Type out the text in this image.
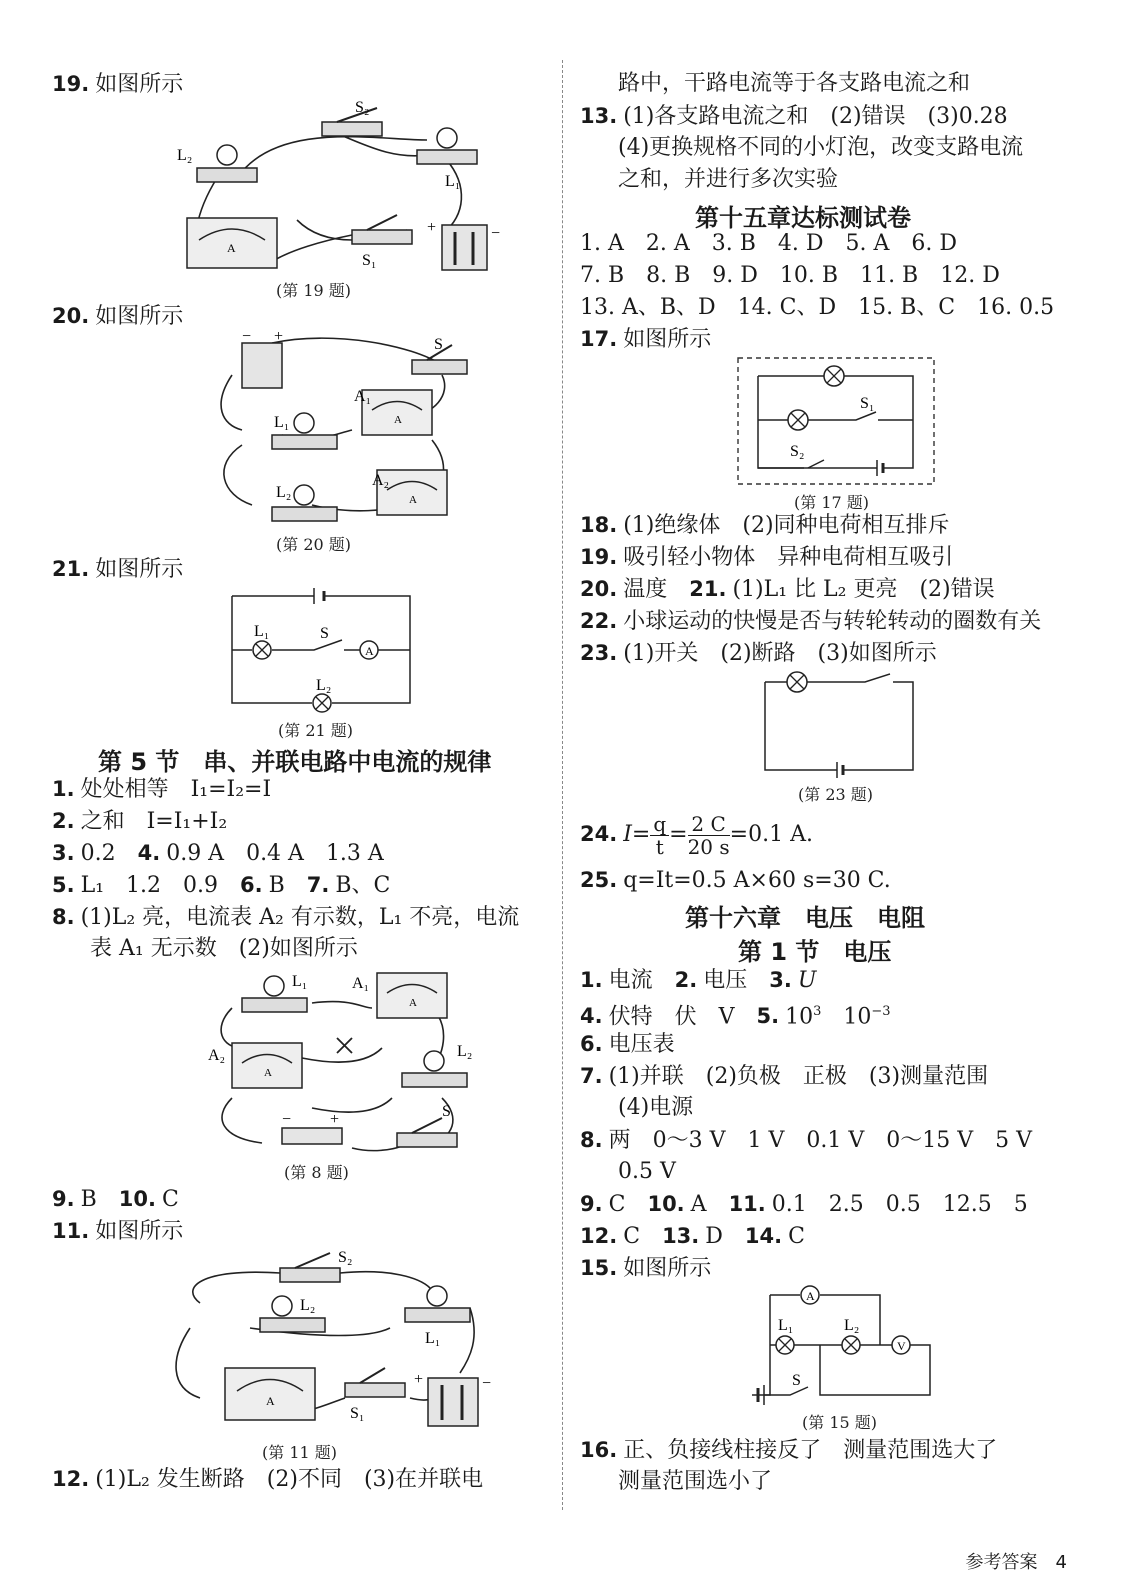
19. 如图所示
S₂
L₂
L₁
A
S₁
+	−
(第 19 题)
20. 如图所示
− +	S
A
A₁
L₁
A
A₂
L₂
(第 20 题)
21. 如图所示
L₁	S
A
L₂
(第 21 题)
第 5 节　串、并联电路中电流的规律
1. 处处相等　I₁=I₂=I
2. 之和　I=I₁+I₂
3. 0.2　 4. 0.9 A　0.4 A　1.3 A
5. L₁　1.2　0.9　 6. B　 7. B、C
8. (1)L₂ 亮，电流表 A₂ 有示数，L₁ 不亮，电流
表 A₁ 无示数　(2)如图所示
L₁
A
A₁
A
A₂	L₂
− +	S
(第 8 题)
9. B　 10. C
11. 如图所示
S₂
L₂
L₁
A
S₁
+	−
(第 11 题)
12. (1)L₂ 发生断路　(2)不同　(3)在并联电
路中，干路电流等于各支路电流之和
13. (1)各支路电流之和　(2)错误　(3)0.28
(4)更换规格不同的小灯泡，改变支路电流
之和，并进行多次实验
第十五章达标测试卷
1. A　2. A　3. B　4. D　5. A　6. D
7. B　8. B　9. D　10. B　11. B　12. D
13. A、B、D　14. C、D　15. B、C　16. 0.5
17. 如图所示
S₁
S₂
(第 17 题)
18. (1)绝缘体　(2)同种电荷相互排斥
19. 吸引轻小物体　异种电荷相互吸引
20. 温度　 21. (1)L₁ 比 L₂ 更亮　(2)错误
22. 小球运动的快慢是否与转轮转动的圈数有关
23. (1)开关　(2)断路　(3)如图所示
(第 23 题)
24. $I= \frac{q}{t} = \frac{2 C}{20 s} =0.1$ A.
25. q=It=0.5 A×60 s=30 C.
第十六章　电压　电阻
第 1 节　电压
1. 电流　 2. 电压　 3. U
4. 伏特　伏　V　 5. $10^3$　 $10^{-3}$
6. 电压表
7. (1)并联　(2)负极　正极　(3)测量范围
(4)电源
8. 两　0～3 V　1 V　0.1 V　0～15 V　5 V
0.5 V
9. C　 10. A　 11. 0.1　2.5　0.5　12.5　5
12. C　 13. D　 14. C
15. 如图所示
A
L₁	L₂
V
S
(第 15 题)
16. 正、负接线柱接反了　测量范围选大了
测量范围选小了
参考答案　 4
